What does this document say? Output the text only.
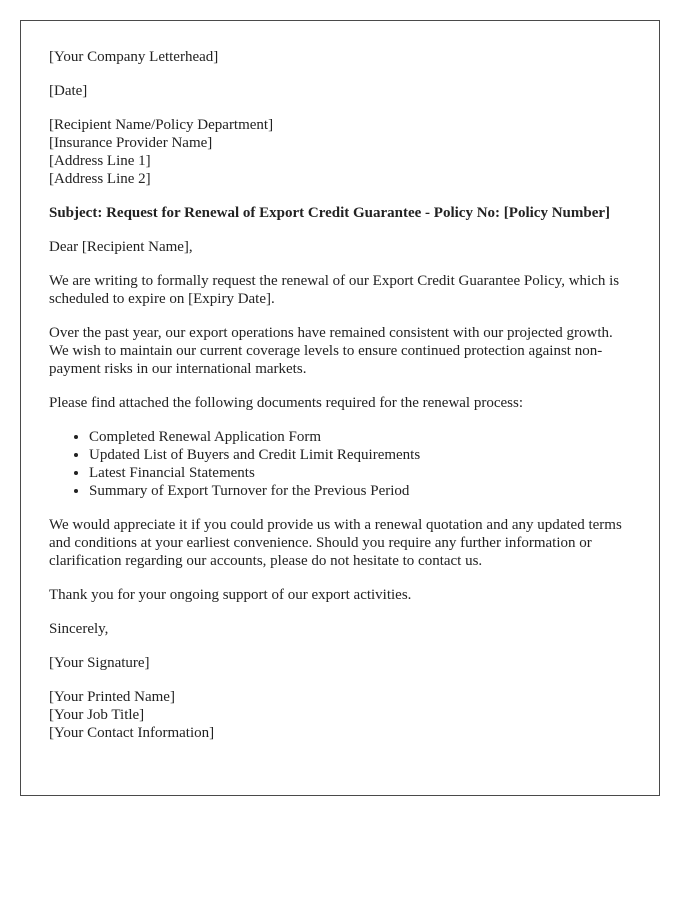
[Your Company Letterhead]

[Date]

[Recipient Name/Policy Department]
[Insurance Provider Name]
[Address Line 1]
[Address Line 2]

Subject: Request for Renewal of Export Credit Guarantee - Policy No: [Policy Number]

Dear [Recipient Name],

We are writing to formally request the renewal of our Export Credit Guarantee Policy, which is scheduled to expire on [Expiry Date].

Over the past year, our export operations have remained consistent with our projected growth. We wish to maintain our current coverage levels to ensure continued protection against non-payment risks in our international markets.

Please find attached the following documents required for the renewal process:

• Completed Renewal Application Form
• Updated List of Buyers and Credit Limit Requirements
• Latest Financial Statements
• Summary of Export Turnover for the Previous Period

We would appreciate it if you could provide us with a renewal quotation and any updated terms and conditions at your earliest convenience. Should you require any further information or clarification regarding our accounts, please do not hesitate to contact us.

Thank you for your ongoing support of our export activities.

Sincerely,

[Your Signature]

[Your Printed Name]
[Your Job Title]
[Your Contact Information]
